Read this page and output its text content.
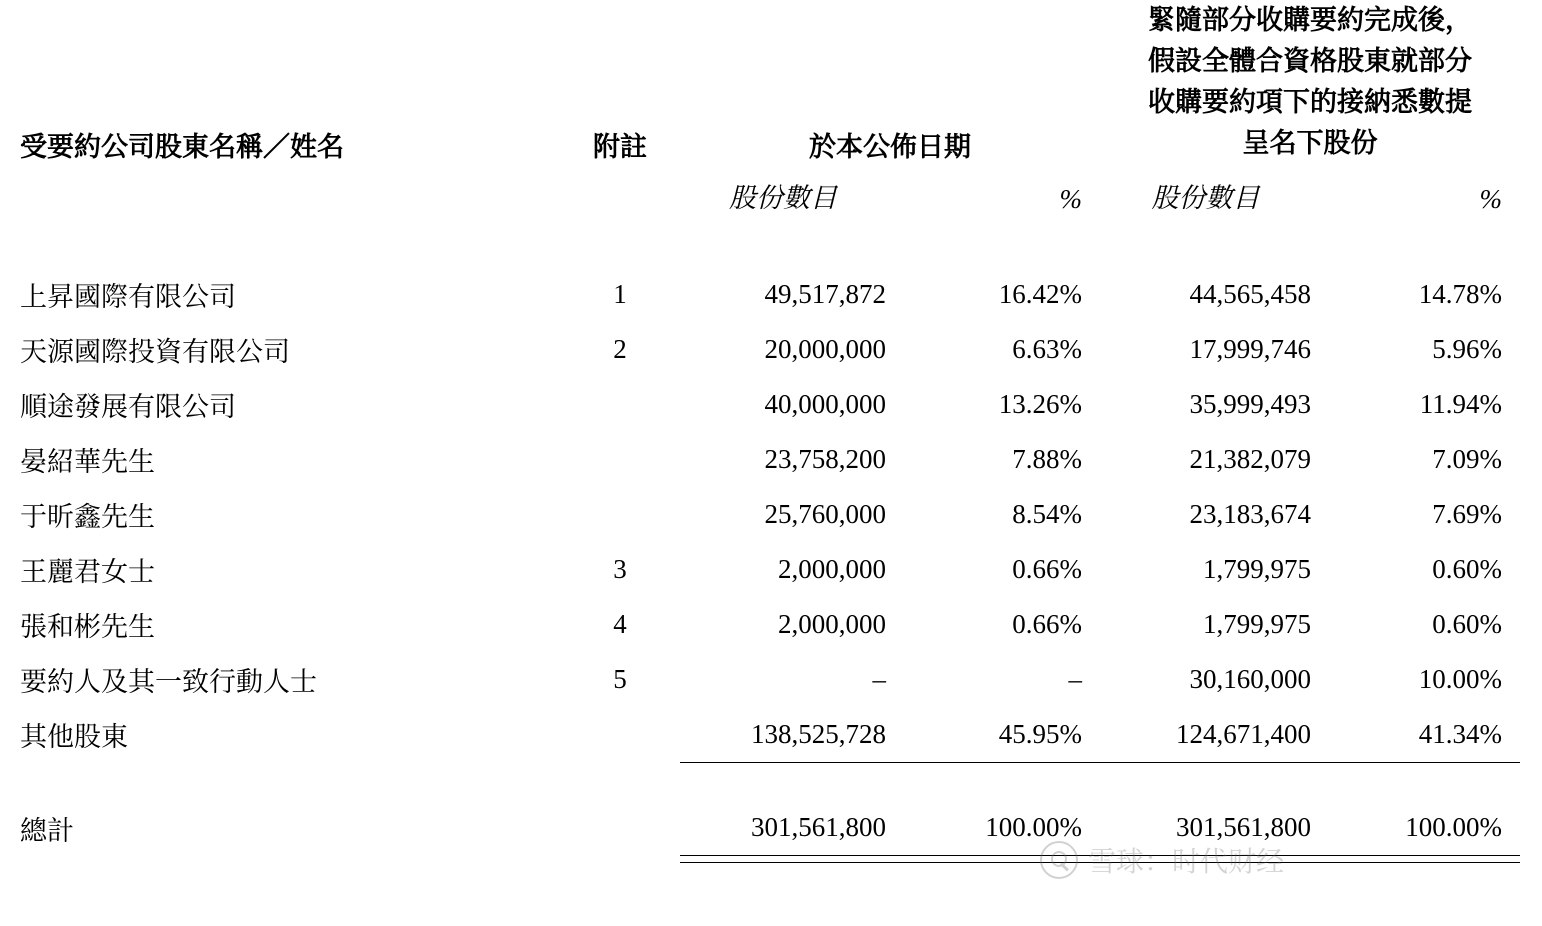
受要約公司股東名稱／姓名	附註	於本公佈日期		緊隨部分收購要約完成後，
假設全體合資格股東就部分
收購要約項下的接納悉數提
呈名下股份	

		股份數目	%	股份數目	%

上昇國際有限公司	1	49,517,872	16.42%	44,565,458	14.78%
天源國際投資有限公司	2	20,000,000	6.63%	17,999,746	5.96%
順途發展有限公司		40,000,000	13.26%	35,999,493	11.94%
晏紹華先生		23,758,200	7.88%	21,382,079	7.09%
于昕鑫先生		25,760,000	8.54%	23,183,674	7.69%
王麗君女士	3	2,000,000	0.66%	1,799,975	0.60%
張和彬先生	4	2,000,000	0.66%	1,799,975	0.60%
要約人及其一致行動人士	5	–	–	30,160,000	10.00%
其他股東		138,525,728	45.95%	124,671,400	41.34%

總計		301,561,800	100.00%	301,561,800	100.00%

雪球：时代财经
